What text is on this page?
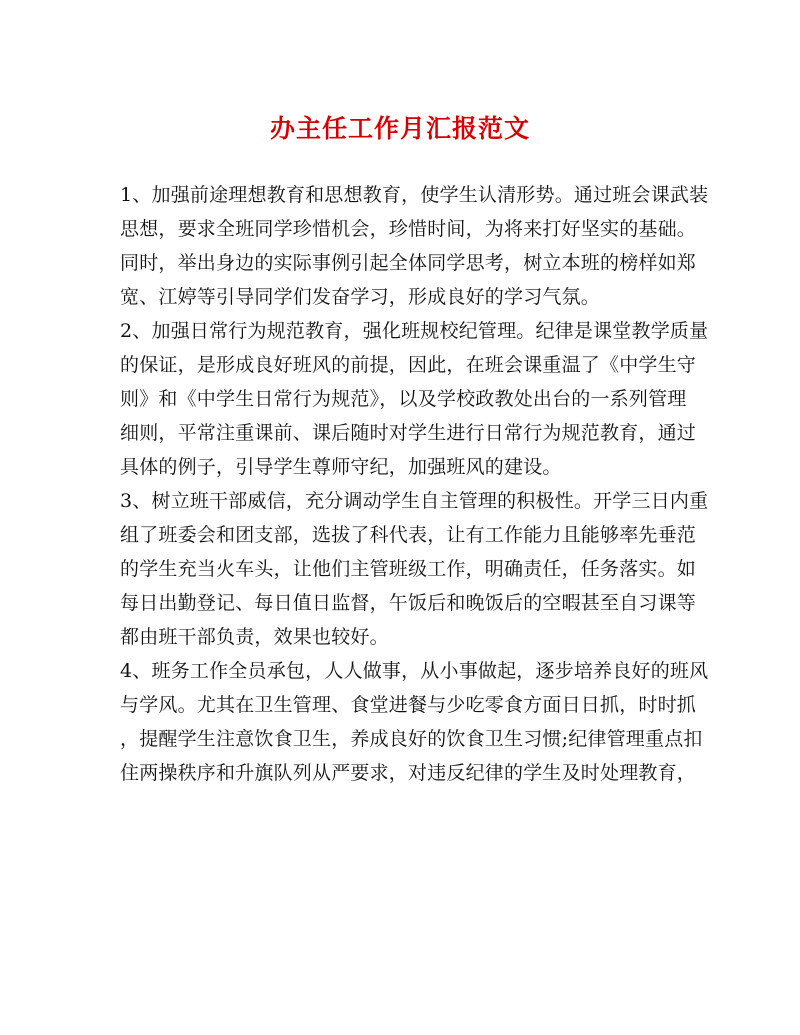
办主任工作月汇报范文
1、加强前途理想教育和思想教育，使学生认清形势。通过班会课武装
思想，要求全班同学珍惜机会，珍惜时间，为将来打好坚实的基础。
同时，举出身边的实际事例引起全体同学思考，树立本班的榜样如郑
宽、江婷等引导同学们发奋学习，形成良好的学习气氛。
2、加强日常行为规范教育，强化班规校纪管理。纪律是课堂教学质量
的保证，是形成良好班风的前提，因此，在班会课重温了《中学生守
则》和《中学生日常行为规范》，以及学校政教处出台的一系列管理
细则，平常注重课前、课后随时对学生进行日常行为规范教育，通过
具体的例子，引导学生尊师守纪，加强班风的建设。
3、树立班干部威信，充分调动学生自主管理的积极性。开学三日内重
组了班委会和团支部，选拔了科代表，让有工作能力且能够率先垂范
的学生充当火车头，让他们主管班级工作，明确责任，任务落实。如
每日出勤登记、每日值日监督，午饭后和晚饭后的空暇甚至自习课等
都由班干部负责，效果也较好。
4、班务工作全员承包，人人做事，从小事做起，逐步培养良好的班风
与学风。尤其在卫生管理、食堂进餐与少吃零食方面日日抓，时时抓
，提醒学生注意饮食卫生，养成良好的饮食卫生习惯;纪律管理重点扣
住两操秩序和升旗队列从严要求，对违反纪律的学生及时处理教育，
